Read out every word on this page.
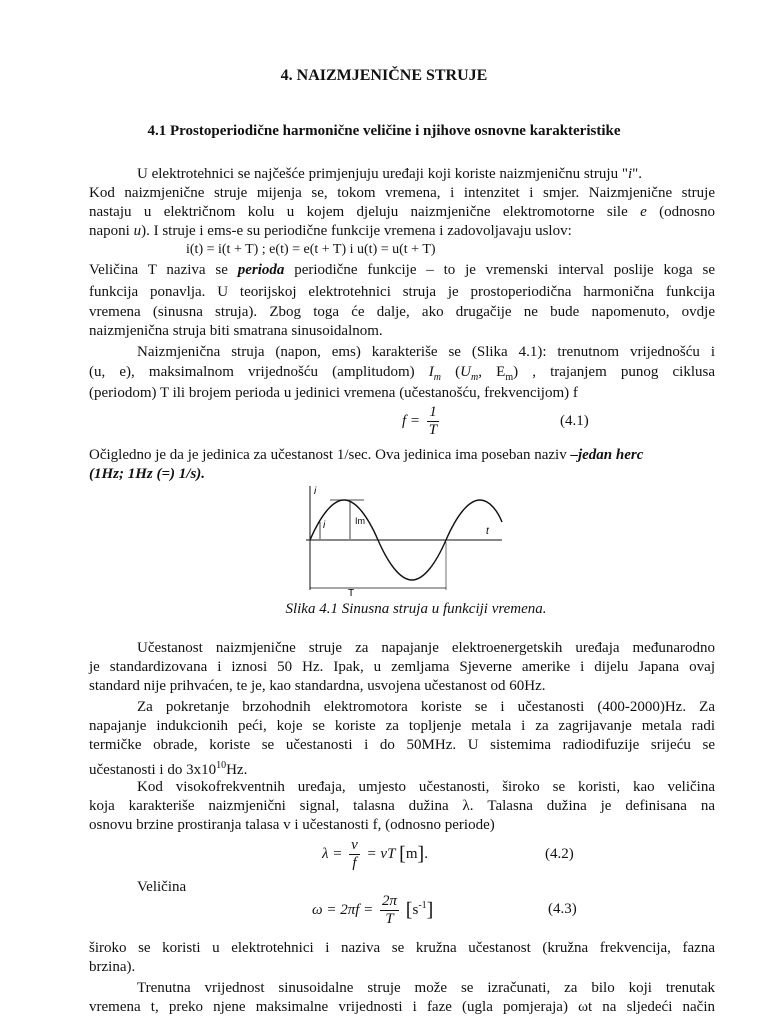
4. NAIZMJENIČNE STRUJE
4.1 Prostoperiodične harmonične veličine i njihove osnovne karakteristike
U elektrotehnici se najčešće primjenjuju uređaji koji koriste naizmjeničnu struju "i".
Kod naizmjenične struje mijenja se, tokom vremena, i intenzitet i smjer. Naizmjenične struje
nastaju u električnom kolu u kojem djeluju naizmjenične elektromotorne sile e (odnosno
naponi u). I struje i ems-e su periodične funkcije vremena i zadovoljavaju uslov:
i(t) = i(t + T) ; e(t) = e(t + T) i u(t) = u(t + T)
Veličina T naziva se perioda periodične funkcije – to je vremenski interval poslije koga se
funkcija ponavlja. U teorijskoj elektrotehnici struja je prostoperiodična harmonična funkcija
vremena (sinusna struja). Zbog toga će dalje, ako drugačije ne bude napomenuto, ovdje
naizmjenična struja biti smatrana sinusoidalnom.
Naizmjenična struja (napon, ems) karakteriše se (Slika 4.1): trenutnom vrijednošću i
(u, e), maksimalnom vrijednošću (amplitudom) $I_m$ ($U_m$, $E_m$) , trajanjem punog ciklusa
(periodom) T ili brojem perioda u jedinici vremena (učestanošću, frekvencijom) f
$f = \frac{1}{T}$	(4.1)
Očigledno je da je jedinica za učestanost 1/sec. Ova jedinica ima poseban naziv –jedan herc
(1Hz; 1Hz (=) 1/s).
i
i	Im
t
T
Slika 4.1 Sinusna struja u funkciji vremena.
Učestanost naizmjenične struje za napajanje elektroenergetskih uređaja međunarodno
je standardizovana i iznosi 50 Hz. Ipak, u zemljama Sjeverne amerike i dijelu Japana ovaj
standard nije prihvaćen, te je, kao standardna, usvojena učestanost od 60Hz.
Za pokretanje brzohodnih elektromotora koriste se i učestanosti (400-2000)Hz. Za
napajanje indukcionih peći, koje se koriste za topljenje metala i za zagrijavanje metala radi
termičke obrade, koriste se učestanosti i do 50MHz. U sistemima radiodifuzije srijeću se
učestanosti i do $3x10^{10}Hz$.
Kod visokofrekventnih uređaja, umjesto učestanosti, široko se koristi, kao veličina
koja karakteriše naizmjenični signal, talasna dužina λ. Talasna dužina je definisana na
osnovu brzine prostiranja talasa v i učestanosti f, (odnosno periode)
$\lambda = \frac{v}{f}$ = vT [m].	(4.2)
Veličina
$\omega = 2\pi f = \frac{2\pi}{T} [s^{-1}]$	(4.3)
široko se koristi u elektrotehnici i naziva se kružna učestanost (kružna frekvencija, fazna
brzina).
Trenutna vrijednost sinusoidalne struje može se izračunati, za bilo koji trenutak
vremena t, preko njene maksimalne vrijednosti i faze (ugla pomjeraja) ωt na sljedeći način
